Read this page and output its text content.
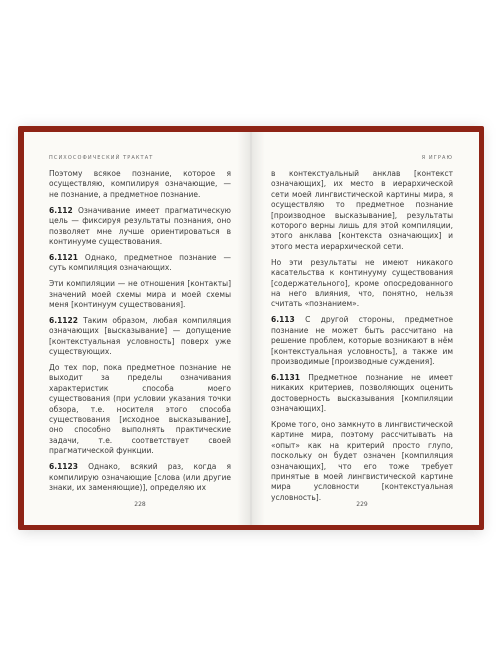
ПСИХОСОФИЧЕСКИЙ ТРАКТАТ

Поэтому всякое познание, которое я осуществляю, компилируя означающие, — не познание, а предметное познание.

6.112 Означивание имеет прагматическую цель — фиксируя результаты познания, оно позволяет мне лучше ориентироваться в континууме существования.

6.1121 Однако, предметное познание — суть компиляция означающих.

Эти компиляции — не отношения [контакты] значений моей схемы мира и моей схемы меня [континуум существования].

6.1122 Таким образом, любая компиляция означающих [высказывание] — допущение [контекстуальная условность] поверх уже существующих.

До тех пор, пока предметное познание не выходит за пределы означивания характеристик способа моего существования (при условии указания точки обзора, т.е. носителя этого способа существования [исходное высказывание], оно способно выполнять практические задачи, т.е. соответствует своей прагматической функции.

6.1123 Однако, всякий раз, когда я компилирую означающие [слова (или другие знаки, их заменяющие)], определяю их

228
Я ИГРАЮ

в контекстуальный анклав [контекст означающих], их место в иерархической сети моей лингвистической картины мира, я осуществляю то предметное познание [производное высказывание], результаты которого верны лишь для этой компиляции, этого анклава [контекста означающих] и этого места иерархической сети.

Но эти результаты не имеют никакого касательства к континууму существования [содержательного], кроме опосредованного на него влияния, что, понятно, нельзя считать «познанием».

6.113 С другой стороны, предметное познание не может быть рассчитано на решение проблем, которые возникают в нём [контекстуальная условность], а также им производимые [производные суждения].

6.1131 Предметное познание не имеет никаких критериев, позволяющих оценить достоверность высказывания [компиляции означающих].

Кроме того, оно замкнуто в лингвистической картине мира, поэтому рассчитывать на «опыт» как на критерий просто глупо, поскольку он будет означен [компиляция означающих], что его тоже требует принятые в моей лингвистической картине мира условности [контекстуальная условность].

229
